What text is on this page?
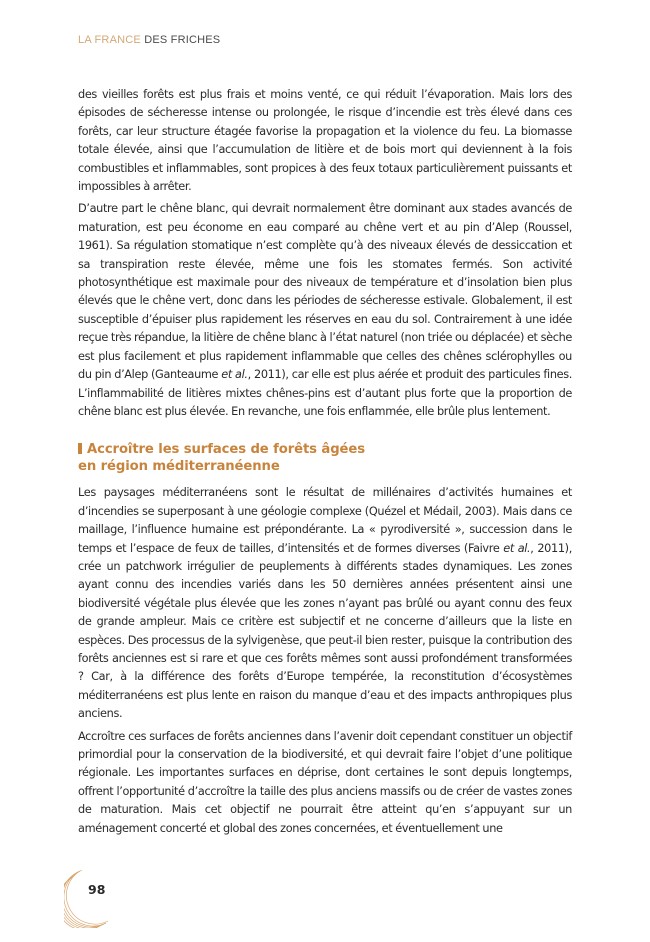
LA FRANCE DES FRICHES

des vieilles forêts est plus frais et moins venté, ce qui réduit l’évaporation. Mais lors des épisodes de sécheresse intense ou prolongée, le risque d’incendie est très élevé dans ces forêts, car leur structure étagée favorise la propagation et la violence du feu. La biomasse totale élevée, ainsi que l’accumulation de litière et de bois mort qui deviennent à la fois combustibles et inflammables, sont propices à des feux totaux particulièrement puissants et impossibles à arrêter.

D’autre part le chêne blanc, qui devrait normalement être dominant aux stades avancés de maturation, est peu économe en eau comparé au chêne vert et au pin d’Alep (Roussel, 1961). Sa régulation stomatique n’est complète qu’à des niveaux élevés de dessiccation et sa transpiration reste élevée, même une fois les stomates fermés. Son activité photosynthétique est maximale pour des niveaux de température et d’insolation bien plus élevés que le chêne vert, donc dans les périodes de sécheresse estivale. Globalement, il est susceptible d’épuiser plus rapidement les réserves en eau du sol. Contrairement à une idée reçue très répandue, la litière de chêne blanc à l’état naturel (non triée ou déplacée) et sèche est plus facilement et plus rapidement inflammable que celles des chênes sclérophylles ou du pin d’Alep (Ganteaume et al., 2011), car elle est plus aérée et produit des particules fines. L’inflammabilité de litières mixtes chênes-pins est d’autant plus forte que la proportion de chêne blanc est plus élevée. En revanche, une fois enflammée, elle brûle plus lentement.

Accroître les surfaces de forêts âgées
en région méditerranéenne

Les paysages méditerranéens sont le résultat de millénaires d’activités humaines et d’incendies se superposant à une géologie complexe (Quézel et Médail, 2003). Mais dans ce maillage, l’influence humaine est prépondérante. La « pyrodiversité », succession dans le temps et l’espace de feux de tailles, d’intensités et de formes diverses (Faivre et al., 2011), crée un patchwork irrégulier de peuplements à différents stades dynamiques. Les zones ayant connu des incendies variés dans les 50 dernières années présentent ainsi une biodiversité végétale plus élevée que les zones n’ayant pas brûlé ou ayant connu des feux de grande ampleur. Mais ce critère est subjectif et ne concerne d’ailleurs que la liste en espèces. Des processus de la sylvigenèse, que peut-il bien rester, puisque la contribution des forêts anciennes est si rare et que ces forêts mêmes sont aussi profondément transformées ? Car, à la différence des forêts d’Europe tempérée, la reconstitution d’écosystèmes méditerranéens est plus lente en raison du manque d’eau et des impacts anthropiques plus anciens.

Accroître ces surfaces de forêts anciennes dans l’avenir doit cependant constituer un objectif primordial pour la conservation de la biodiversité, et qui devrait faire l’objet d’une politique régionale. Les importantes surfaces en déprise, dont certaines le sont depuis longtemps, offrent l’opportunité d’accroître la taille des plus anciens massifs ou de créer de vastes zones de maturation. Mais cet objectif ne pourrait être atteint qu’en s’appuyant sur un aménagement concerté et global des zones concernées, et éventuellement une

98
